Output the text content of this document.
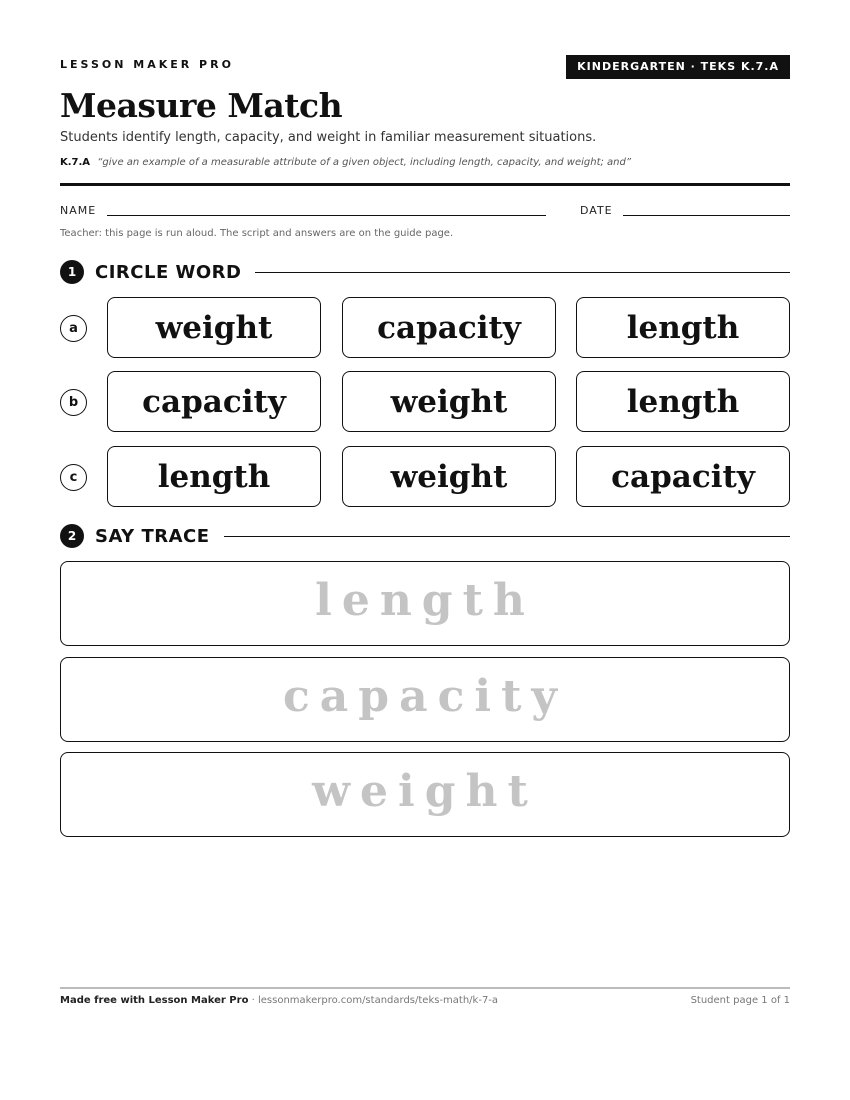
LESSON MAKER PRO	KINDERGARTEN · TEKS K.7.A
Measure Match

Students identify length, capacity, and weight in familiar measurement situations.

K.7.A “give an example of a measurable attribute of a given object, including length, capacity, and weight; and”
NAME	DATE

Teacher: this page is run aloud. The script and answers are on the guide page.

1	CIRCLE WORD
a	weight	capacity	length
b	capacity	weight	length
c	length	weight	capacity
2	SAY TRACE
length
capacity
weight
Made free with Lesson Maker Pro · lessonmakerpro.com/standards/teks-math/k-7-a	Student page 1 of 1
